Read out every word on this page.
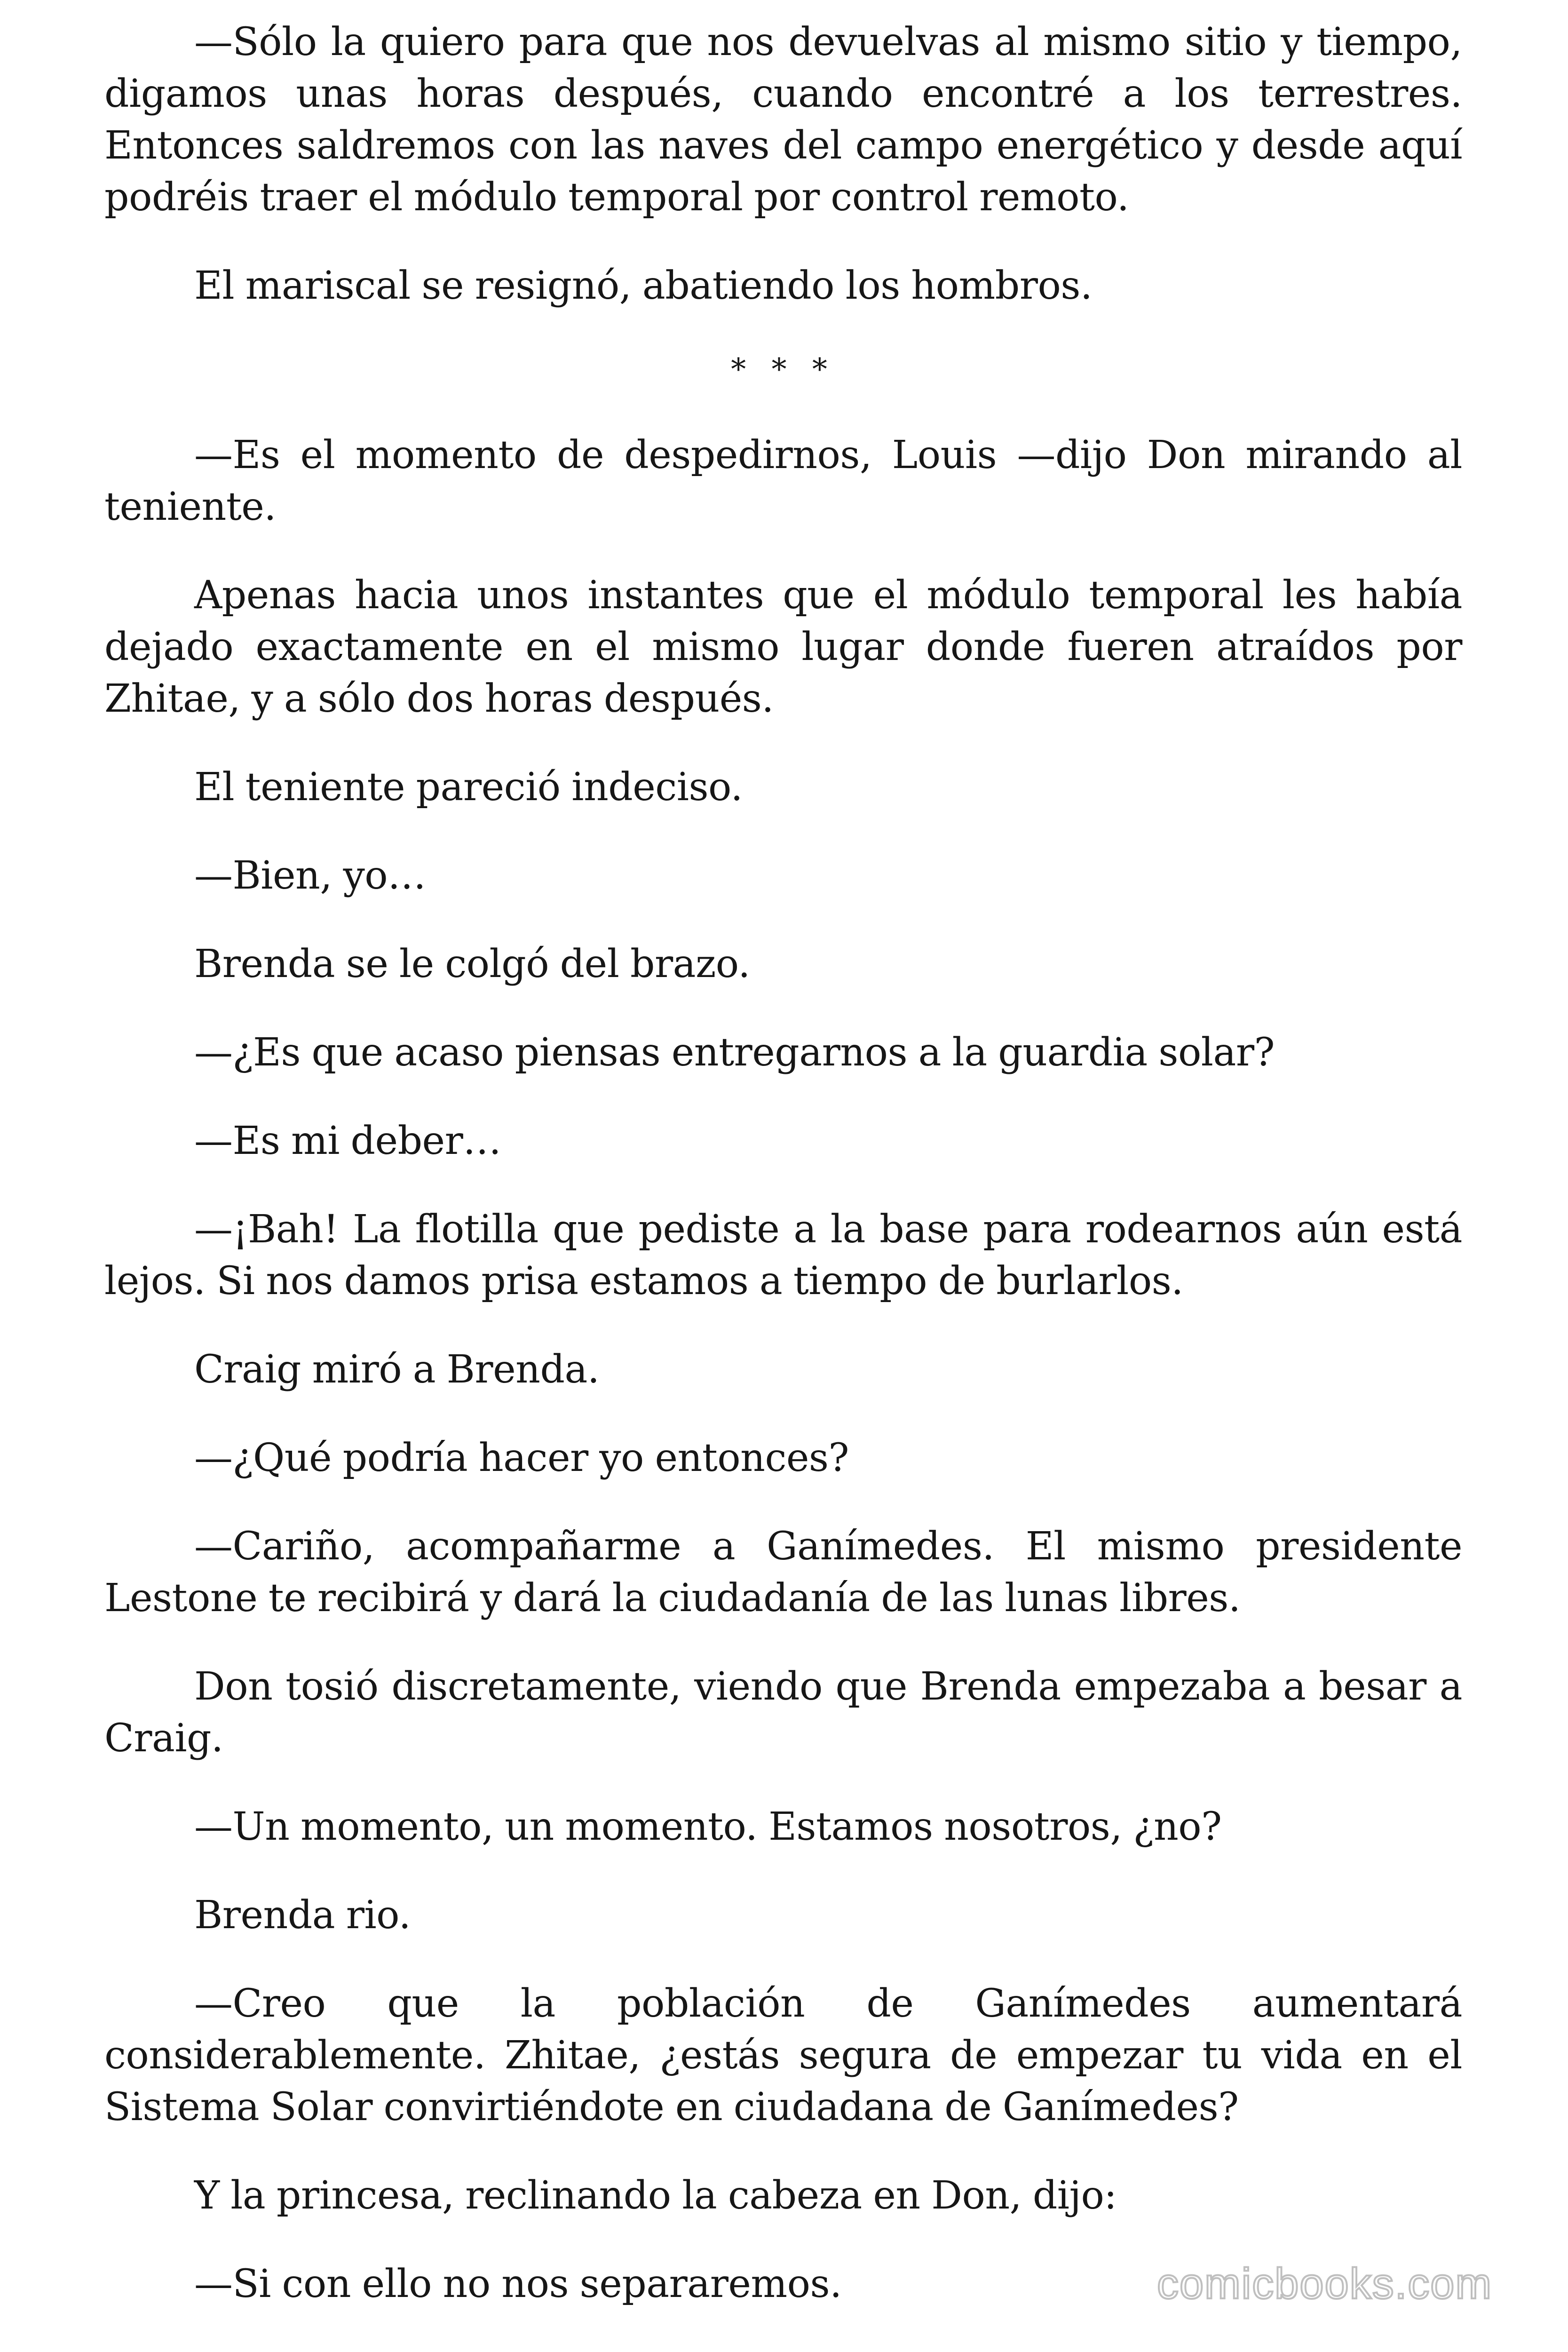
—Sólo la quiero para que nos devuelvas al mismo sitio y tiempo, digamos unas horas después, cuando encontré a los terrestres. Entonces saldremos con las naves del campo energético y desde aquí podréis traer el módulo temporal por control remoto.

El mariscal se resignó, abatiendo los hombros.

* * *

—Es el momento de despedirnos, Louis —dijo Don mirando al teniente.

Apenas hacia unos instantes que el módulo temporal les había dejado exactamente en el mismo lugar donde fueren atraídos por Zhitae, y a sólo dos horas después.

El teniente pareció indeciso.

—Bien, yo…

Brenda se le colgó del brazo.

—¿Es que acaso piensas entregarnos a la guardia solar?

—Es mi deber…

—¡Bah! La flotilla que pediste a la base para rodearnos aún está lejos. Si nos damos prisa estamos a tiempo de burlarlos.

Craig miró a Brenda.

—¿Qué podría hacer yo entonces?

—Cariño, acompañarme a Ganímedes. El mismo presidente Lestone te recibirá y dará la ciudadanía de las lunas libres.

Don tosió discretamente, viendo que Brenda empezaba a besar a Craig.

—Un momento, un momento. Estamos nosotros, ¿no?

Brenda rio.

—Creo que la población de Ganímedes aumentará considerablemente. Zhitae, ¿estás segura de empezar tu vida en el Sistema Solar convirtiéndote en ciudadana de Ganímedes?

Y la princesa, reclinando la cabeza en Don, dijo:

—Si con ello no nos separaremos.	comicbooks.com
